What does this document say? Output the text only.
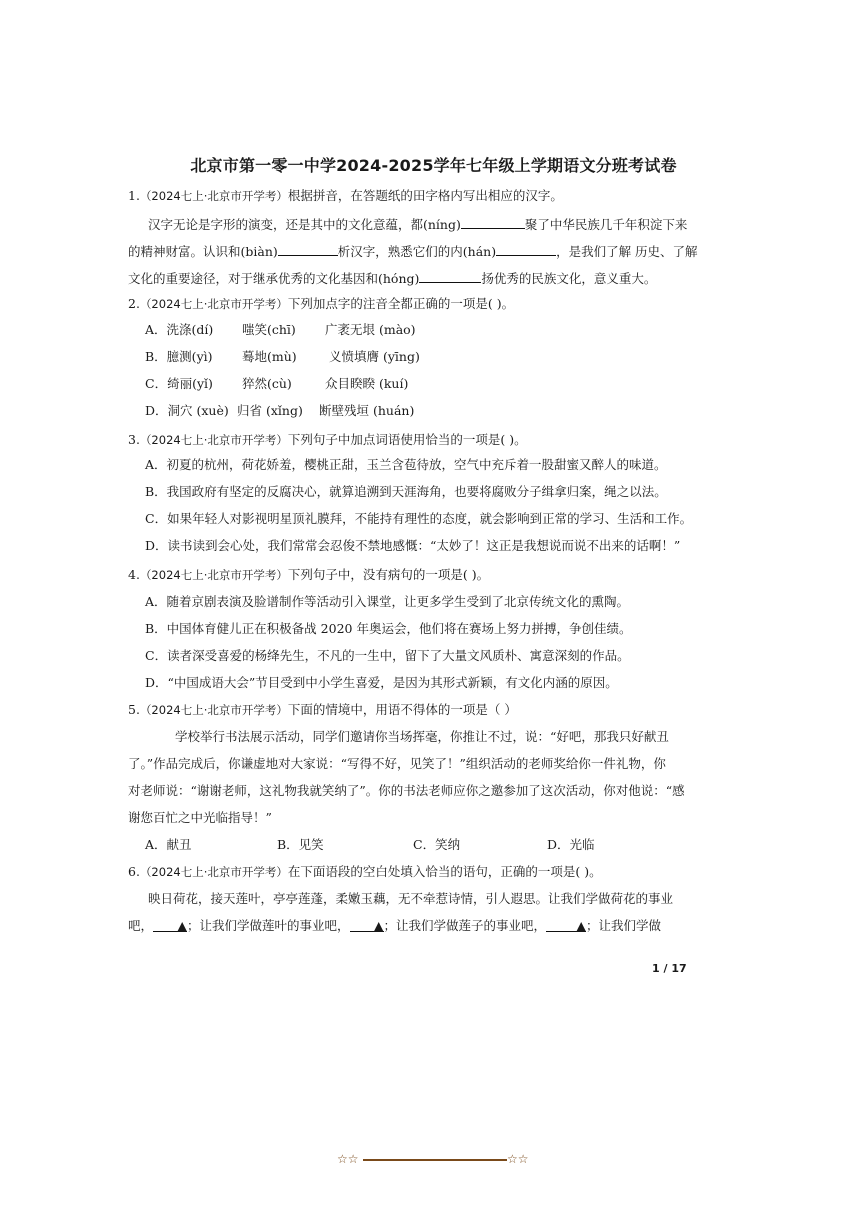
北京市第一零一中学2024-2025学年七年级上学期语文分班考试卷
1.（2024七上·北京市开学考）根据拼音，在答题纸的田字格内写出相应的汉字。
汉字无论是字形的演变，还是其中的文化意蕴，都(níng)	聚了中华民族几千年积淀下来
的精神财富。认识和(biàn)	析汉字，熟悉它们的内(hán)	，是我们了解 历史、了解
文化的重要途径，对于继承优秀的文化基因和(hóng)	扬优秀的民族文化，意义重大。
2.（2024七上·北京市开学考）下列加点字的注音全都正确的一项是( )。
A．洗涤(dí) 嗤笑(chī) 广袤无垠 (mào)
B．臆测(yì) 蓦地(mù)	义愤填膺 (yīng)
C．绮丽(yǐ) 猝然(cù)	众目睽睽 (kuí)
D．洞穴 (xuè) 归省 (xǐng) 断壁残垣 (huán)
3.（2024七上·北京市开学考）下列句子中加点词语使用恰当的一项是( )。
A．初夏的杭州，荷花娇羞，樱桃正甜，玉兰含苞待放，空气中充斥着一股甜蜜又醉人的味道。
B．我国政府有坚定的反腐决心，就算追溯到天涯海角，也要将腐败分子缉拿归案，绳之以法。
C．如果年轻人对影视明星顶礼膜拜，不能持有理性的态度，就会影响到正常的学习、生活和工作。
D．读书读到会心处，我们常常会忍俊不禁地感慨：“太妙了！这正是我想说而说不出来的话啊！”
4.（2024七上·北京市开学考）下列句子中，没有病句的一项是( )。
A．随着京剧表演及脸谱制作等活动引入课堂，让更多学生受到了北京传统文化的熏陶。
B．中国体育健儿正在积极备战 2020 年奥运会，他们将在赛场上努力拼搏，争创佳绩。
C．读者深受喜爱的杨绛先生，不凡的一生中，留下了大量文风质朴、寓意深刻的作品。
D．“中国成语大会”节目受到中小学生喜爱，是因为其形式新颖，有文化内涵的原因。
5.（2024七上·北京市开学考）下面的情境中，用语不得体的一项是（ ）
学校举行书法展示活动，同学们邀请你当场挥毫，你推让不过，说：“好吧，那我只好献丑
了。”作品完成后，你谦虚地对大家说：“写得不好，见笑了！”组织活动的老师奖给你一件礼物，你
对老师说：“谢谢老师，这礼物我就笑纳了”。你的书法老师应你之邀参加了这次活动，你对他说：“感
谢您百忙之中光临指导！”
A．献丑	B．见笑	C．笑纳	D．光临
6.（2024七上·北京市开学考）在下面语段的空白处填入恰当的语句，正确的一项是( )。
映日荷花，接天莲叶，亭亭莲蓬，柔嫩玉藕，无不牵惹诗情，引人遐思。让我们学做荷花的事业
吧， ▲；让我们学做莲叶的事业吧， ▲；让我们学做莲子的事业吧， ▲；让我们学做
1 / 17
☆☆	☆☆
